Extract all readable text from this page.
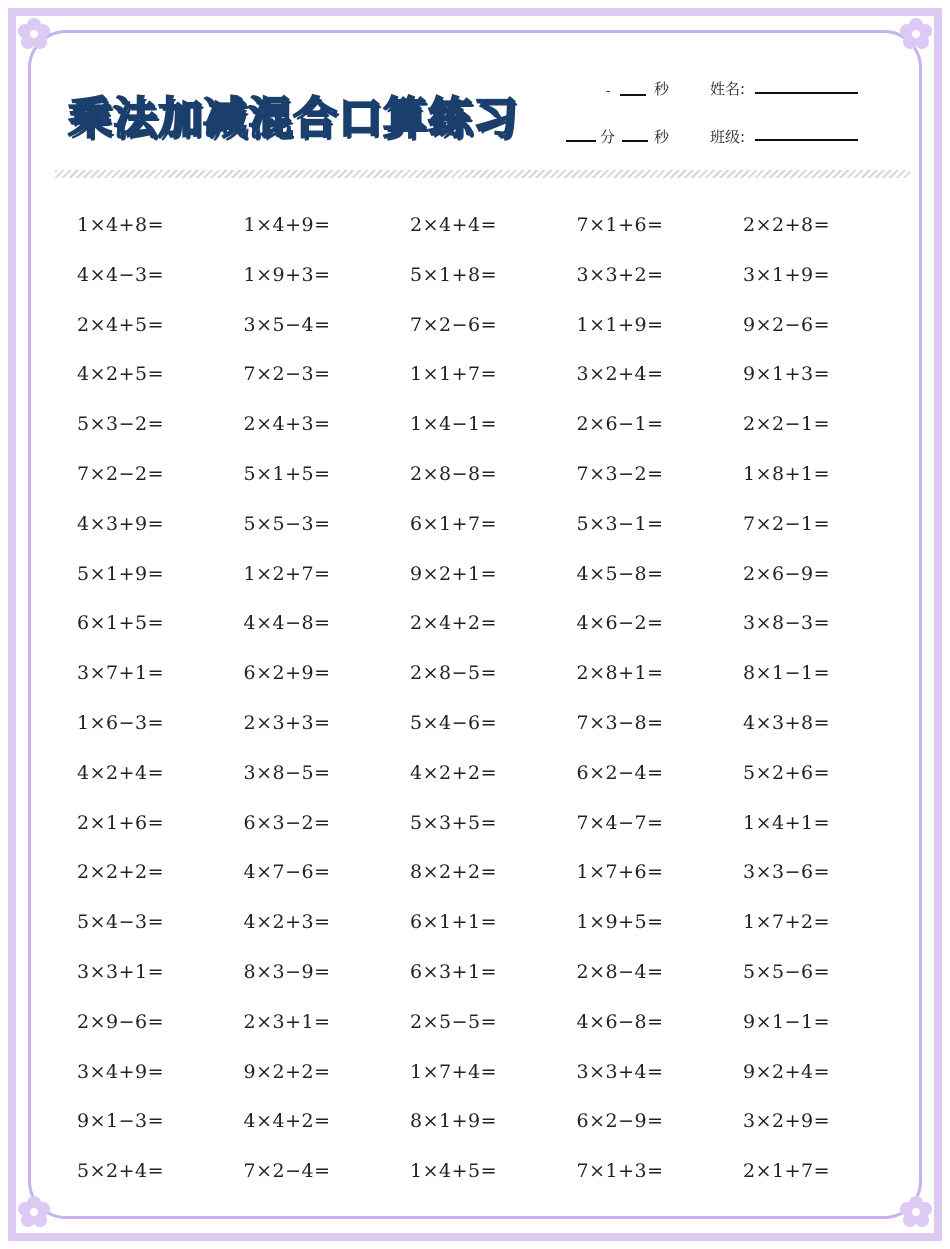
乘法加减混合口算练习
-	秒
分	秒
姓名:
班级:
1×4+8=	1×4+9=	2×4+4=	7×1+6=	2×2+8=
4×4−3=	1×9+3=	5×1+8=	3×3+2=	3×1+9=
2×4+5=	3×5−4=	7×2−6=	1×1+9=	9×2−6=
4×2+5=	7×2−3=	1×1+7=	3×2+4=	9×1+3=
5×3−2=	2×4+3=	1×4−1=	2×6−1=	2×2−1=
7×2−2=	5×1+5=	2×8−8=	7×3−2=	1×8+1=
4×3+9=	5×5−3=	6×1+7=	5×3−1=	7×2−1=
5×1+9=	1×2+7=	9×2+1=	4×5−8=	2×6−9=
6×1+5=	4×4−8=	2×4+2=	4×6−2=	3×8−3=
3×7+1=	6×2+9=	2×8−5=	2×8+1=	8×1−1=
1×6−3=	2×3+3=	5×4−6=	7×3−8=	4×3+8=
4×2+4=	3×8−5=	4×2+2=	6×2−4=	5×2+6=
2×1+6=	6×3−2=	5×3+5=	7×4−7=	1×4+1=
2×2+2=	4×7−6=	8×2+2=	1×7+6=	3×3−6=
5×4−3=	4×2+3=	6×1+1=	1×9+5=	1×7+2=
3×3+1=	8×3−9=	6×3+1=	2×8−4=	5×5−6=
2×9−6=	2×3+1=	2×5−5=	4×6−8=	9×1−1=
3×4+9=	9×2+2=	1×7+4=	3×3+4=	9×2+4=
9×1−3=	4×4+2=	8×1+9=	6×2−9=	3×2+9=
5×2+4=	7×2−4=	1×4+5=	7×1+3=	2×1+7=
